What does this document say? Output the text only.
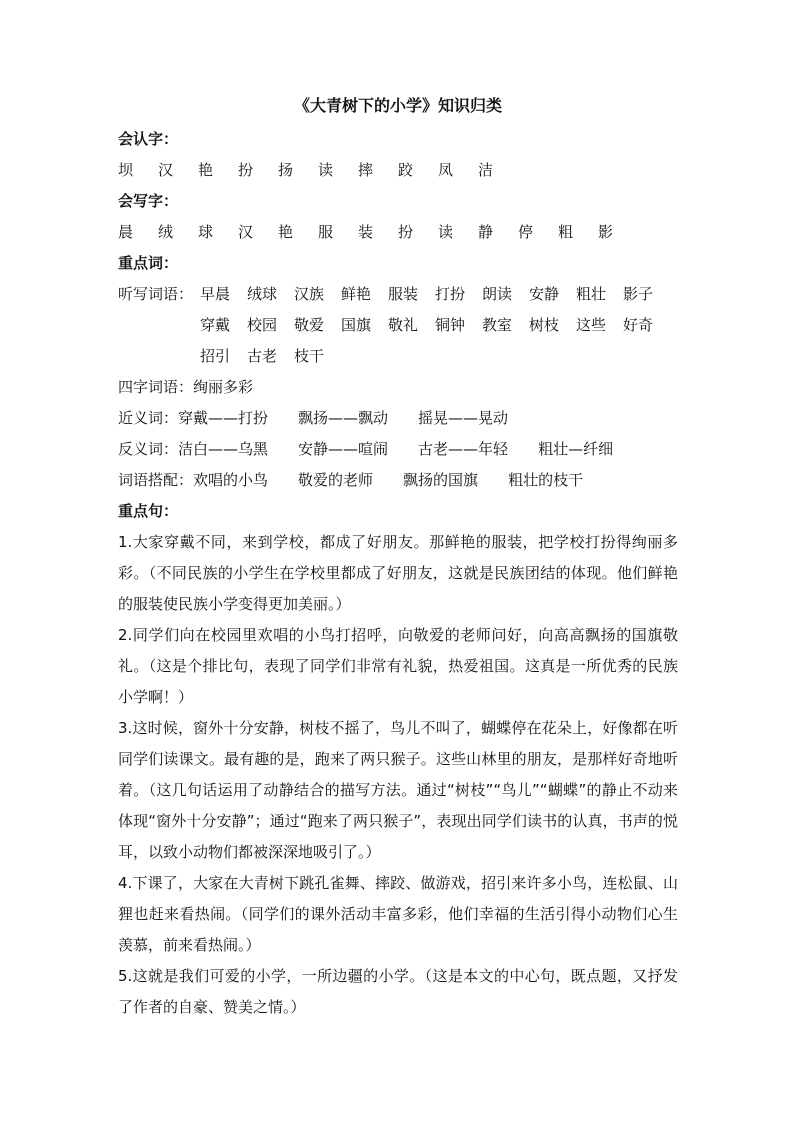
《大青树下的小学》知识归类
会认字：
坝	汉	艳	扮	扬	读	摔	跤	凤	洁
会写字：
晨	绒	球	汉	艳	服	装	扮	读	静	停	粗	影
重点词：
听写词语： 早晨	绒球	汉族	鲜艳	服装	打扮	朗读	安静	粗壮	影子
穿戴	校园	敬爱	国旗	敬礼	铜钟	教室	树枝	这些	好奇
招引	古老	枝干
四字词语： 绚丽多彩
近义词： 穿戴——打扮 飘扬——飘动 摇晃——晃动
反义词： 洁白——乌黑 安静——喧闹 古老——年轻 粗壮—纤细
词语搭配： 欢唱的小鸟 敬爱的老师 飘扬的国旗 粗壮的枝干
重点句：
1.大家穿戴不同，来到学校，都成了好朋友。那鲜艳的服装，把学校打扮得绚丽多彩。（不同民族的小学生在学校里都成了好朋友，这就是民族团结的体现。他们鲜艳的服装使民族小学变得更加美丽。）
2.同学们向在校园里欢唱的小鸟打招呼，向敬爱的老师问好，向高高飘扬的国旗敬礼。（这是个排比句，表现了同学们非常有礼貌，热爱祖国。这真是一所优秀的民族小学啊！）
3.这时候，窗外十分安静，树枝不摇了，鸟儿不叫了，蝴蝶停在花朵上，好像都在听同学们读课文。最有趣的是，跑来了两只猴子。这些山林里的朋友，是那样好奇地听着。（这几句话运用了动静结合的描写方法。通过“树枝”“鸟儿”“蝴蝶”的静止不动来体现“窗外十分安静”；通过“跑来了两只猴子”，表现出同学们读书的认真，书声的悦耳，以致小动物们都被深深地吸引了。）
4.下课了，大家在大青树下跳孔雀舞、摔跤、做游戏，招引来许多小鸟，连松鼠、山狸也赶来看热闹。（同学们的课外活动丰富多彩，他们幸福的生活引得小动物们心生羡慕，前来看热闹。）
5.这就是我们可爱的小学，一所边疆的小学。（这是本文的中心句，既点题，又抒发了作者的自豪、赞美之情。）
